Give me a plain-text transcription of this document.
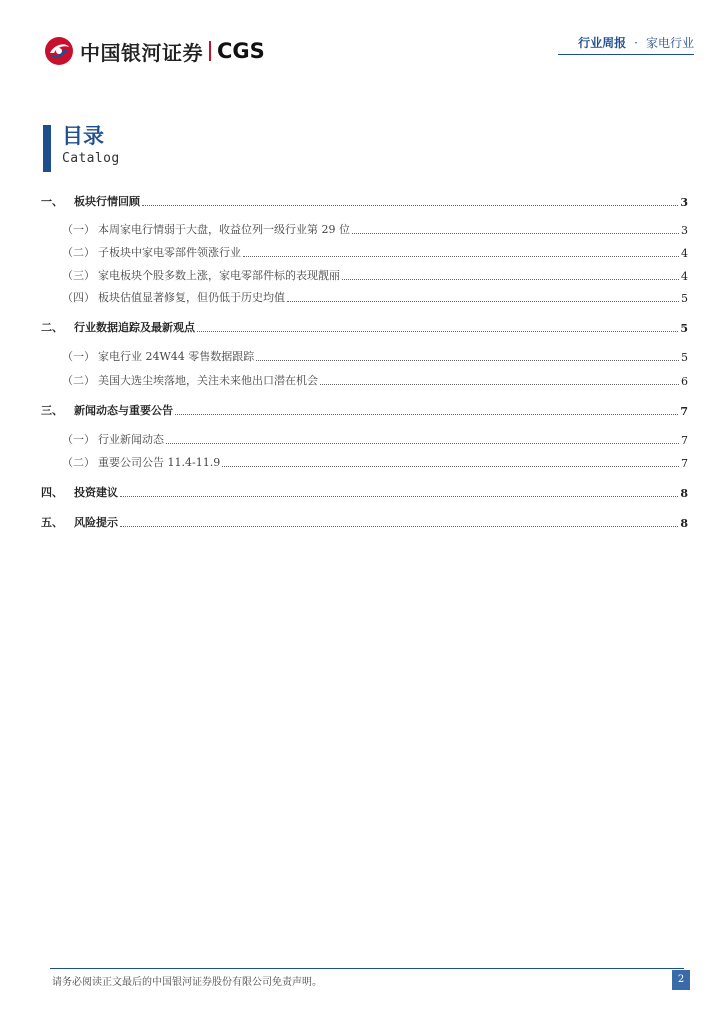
中国银河证券 CGS	行业周报 · 家电行业
目录
Catalog
一、 板块行情回顾	3
（一） 本周家电行情弱于大盘，收益位列一级行业第 29 位	3
（二） 子板块中家电零部件领涨行业	4
（三） 家电板块个股多数上涨，家电零部件标的表现靓丽	4
（四） 板块估值显著修复，但仍低于历史均值	5
二、 行业数据追踪及最新观点	5
（一） 家电行业 24W44 零售数据跟踪	5
（二） 美国大选尘埃落地，关注未来他出口潜在机会	6
三、 新闻动态与重要公告	7
（一） 行业新闻动态	7
（二） 重要公司公告 11.4-11.9	7
四、 投资建议	8
五、 风险提示	8
请务必阅读正文最后的中国银河证券股份有限公司免责声明。	2
